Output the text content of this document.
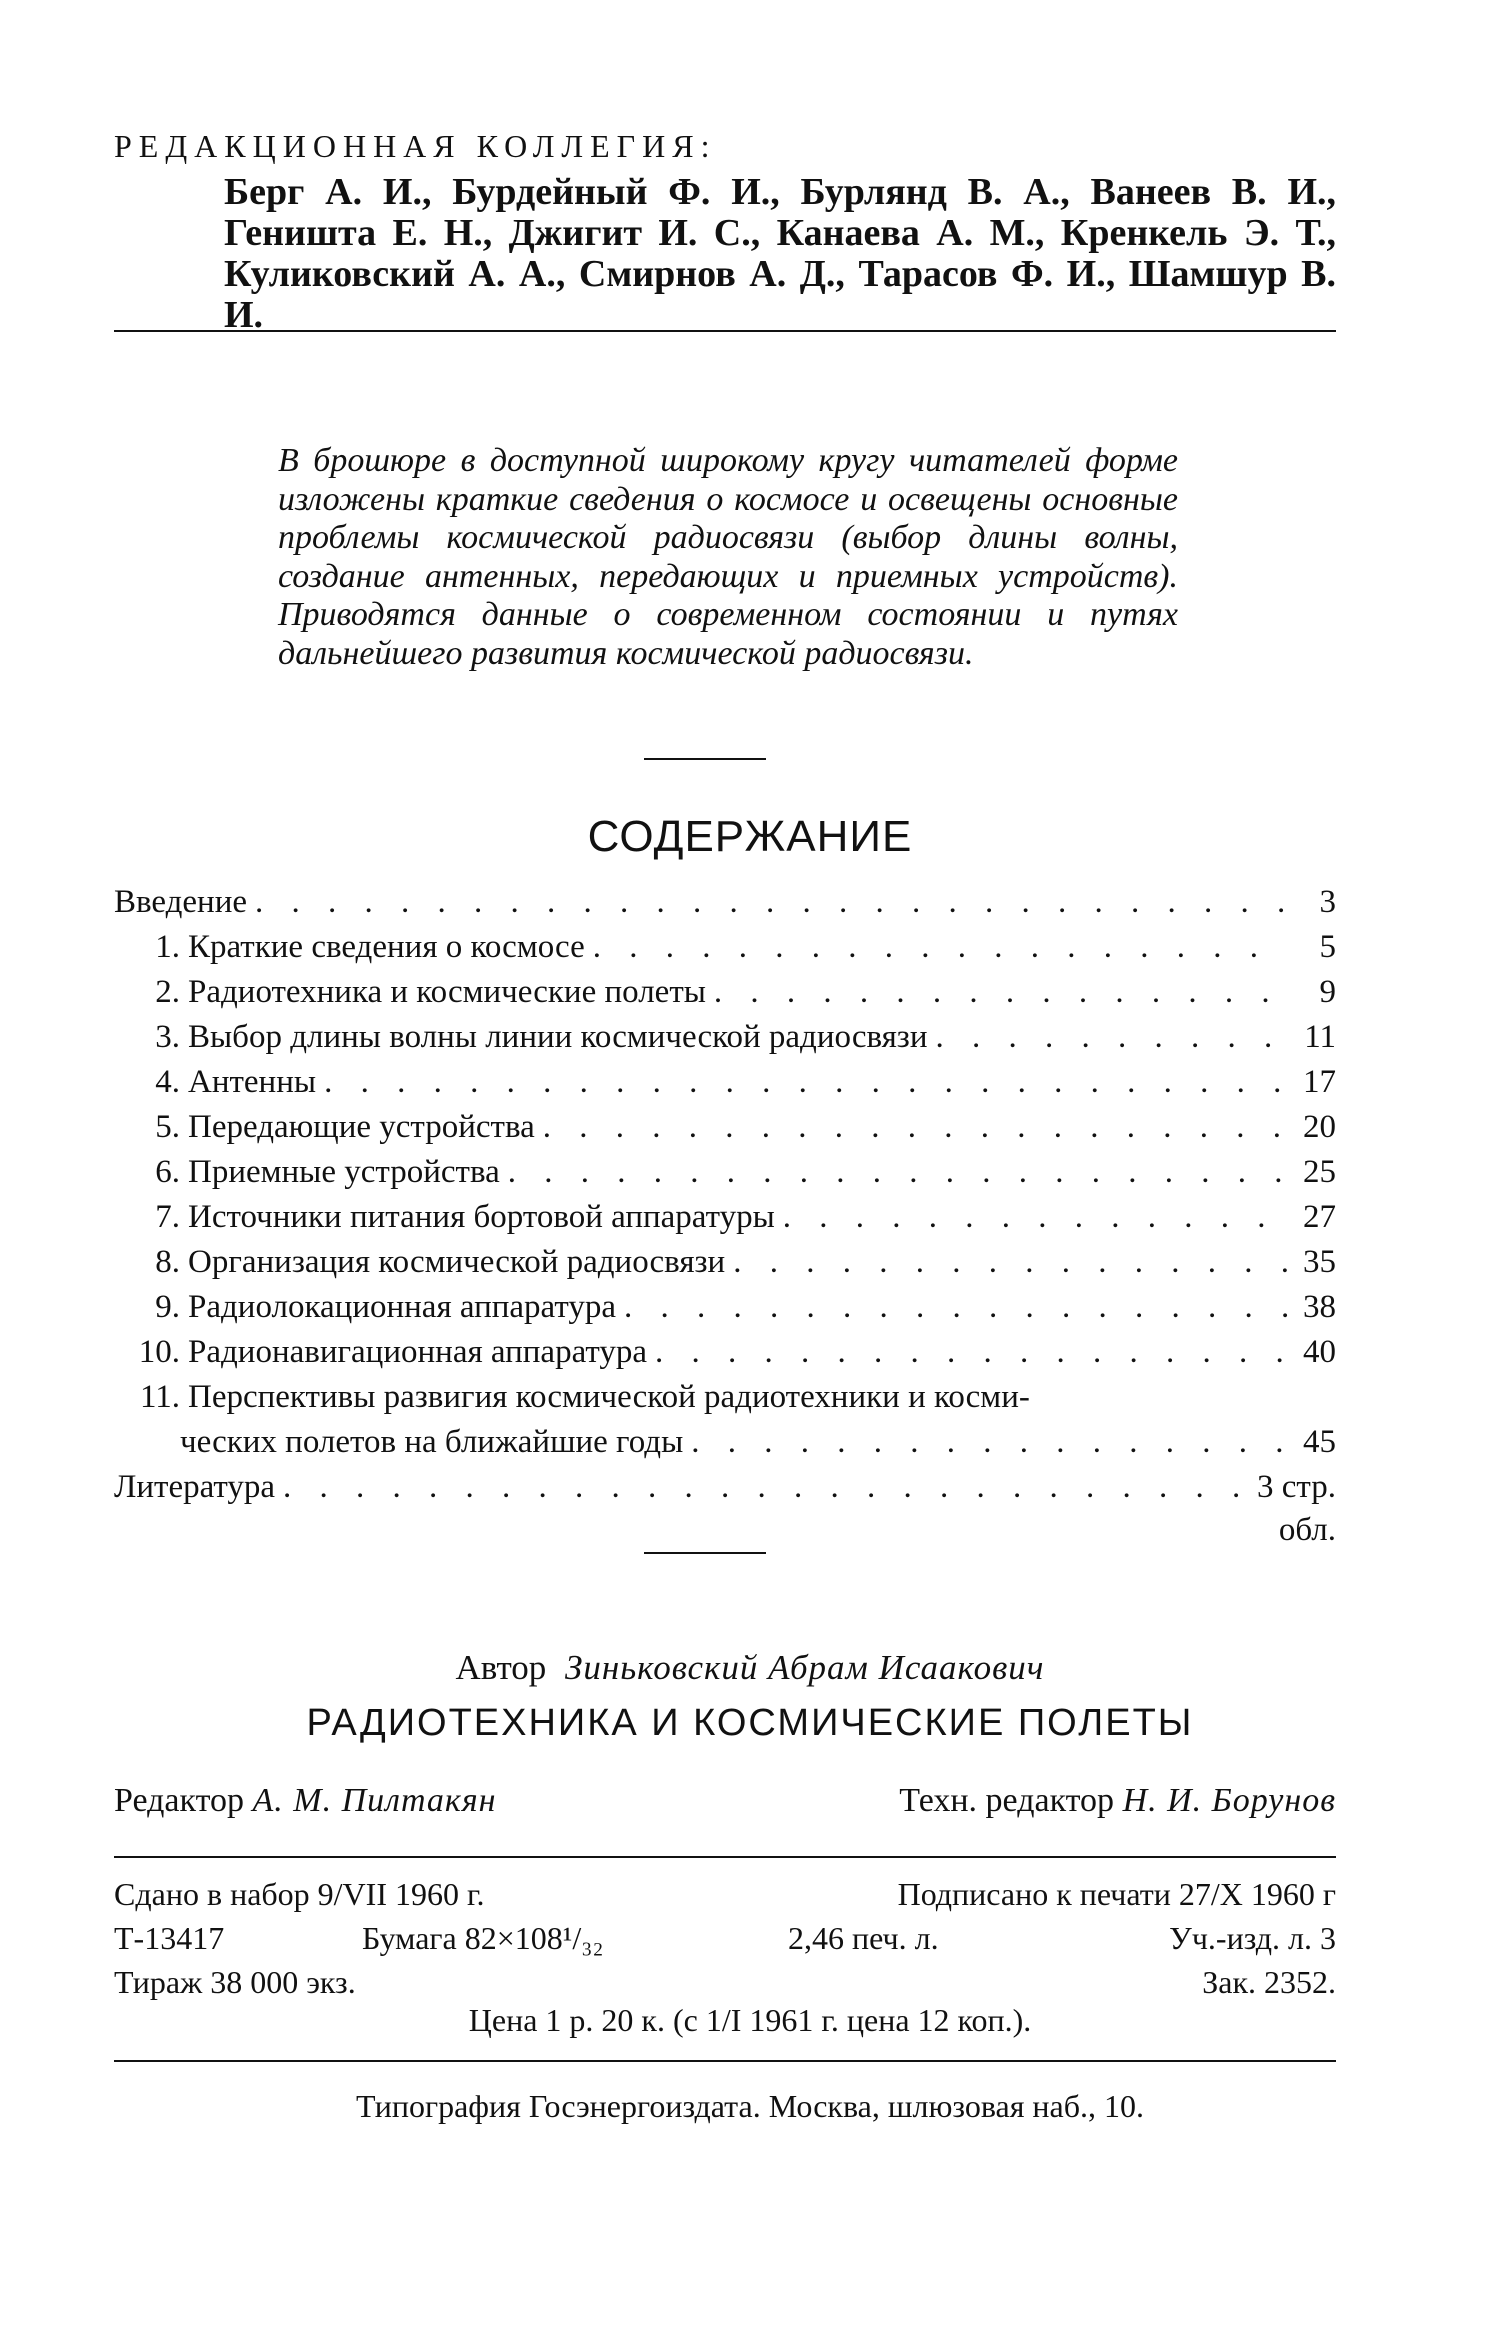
РЕДАКЦИОННАЯ КОЛЛЕГИЯ:
Берг А. И., Бурдейный Ф. И., Бурлянд В. А., Ванеев В. И., Геништа Е. Н., Джигит И. С., Канаева А. М., Кренкель Э. Т., Куликовский А. А., Смирнов А. Д., Тарасов Ф. И., Шамшур В. И.
В брошюре в доступной широкому кругу читателей форме изложены краткие сведения о космосе и освещены основные проблемы космической радиосвязи (выбор длины волны, создание антенных, передающих и приемных устройств). Приводятся данные о современном состоянии и путях дальнейшего развития космической радиосвязи.
СОДЕРЖАНИЕ
Введение . . .	3
1. Краткие сведения о космосе . . .	5
2. Радиотехника и космические полеты . . .	9
3. Выбор длины волны линии космической радиосвязи . . .	11
4. Антенны . . .	17
5. Передающие устройства . . .	20
6. Приемные устройства . . .	25
7. Источники питания бортовой аппаратуры . . .	27
8. Организация космической радиосвязи . . .	35
9. Радиолокационная аппаратура . . .	38
10. Радионавигационная аппаратура . . .	40
11. Перспективы развигия космической радиотехники и косми-
ческих полетов на ближайшие годы . . .	45
Литература . . .	3 стр.
обл.
Автор Зиньковский Абрам Исаакович
РАДИОТЕХНИКА И КОСМИЧЕСКИЕ ПОЛЕТЫ
Редактор А. М. Пилтакян	Техн. редактор Н. И. Борунов
Сдано в набор 9/VII 1960 г.	Подписано к печати 27/X 1960 г
Т-13417	Бумага 82×108¹/₃₂	2,46 печ. л.	Уч.-изд. л. 3
Тираж 38 000 экз.	Зак. 2352.
Цена 1 р. 20 к. (с 1/I 1961 г. цена 12 коп.).
Типография Госэнергоиздата. Москва, шлюзовая наб., 10.
